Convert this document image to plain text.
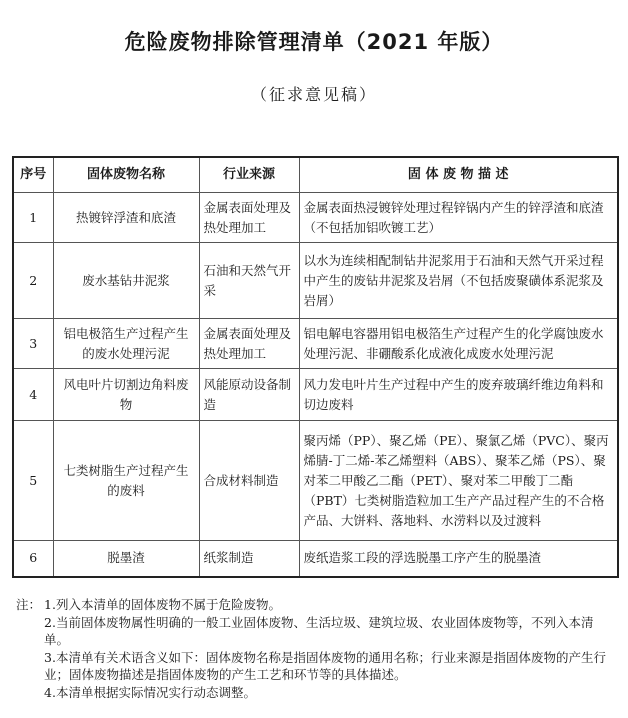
危险废物排除管理清单（2021 年版）
（征求意见稿）
序号	固体废物名称	行业来源	固 体 废 物 描 述
1	热镀锌浮渣和底渣	金属表面处理及热处理加工	金属表面热浸镀锌处理过程锌锅内产生的锌浮渣和底渣（不包括加铝吹镀工艺）
2	废水基钻井泥浆	石油和天然气开采	以水为连续相配制钻井泥浆用于石油和天然气开采过程中产生的废钻井泥浆及岩屑（不包括废聚磺体系泥浆及岩屑）
3	铝电极箔生产过程产生的废水处理污泥	金属表面处理及热处理加工	铝电解电容器用铝电极箔生产过程产生的化学腐蚀废水处理污泥、非硼酸系化成液化成废水处理污泥
4	风电叶片切割边角料废物	风能原动设备制造	风力发电叶片生产过程中产生的废弃玻璃纤维边角料和切边废料
5	七类树脂生产过程产生的废料	合成材料制造	聚丙烯（PP）、聚乙烯（PE）、聚氯乙烯（PVC）、聚丙烯腈-丁二烯-苯乙烯塑料（ABS）、聚苯乙烯（PS）、聚对苯二甲酸乙二酯（PET）、聚对苯二甲酸丁二酯（PBT）七类树脂造粒加工生产产品过程产生的不合格产品、大饼料、落地料、水涝料以及过渡料
6	脱墨渣	纸浆制造	废纸造浆工段的浮选脱墨工序产生的脱墨渣
注： 1.列入本清单的固体废物不属于危险废物。
2.当前固体废物属性明确的一般工业固体废物、生活垃圾、建筑垃圾、农业固体废物等，不列入本清单。
3.本清单有关术语含义如下：固体废物名称是指固体废物的通用名称；行业来源是指固体废物的产生行业；固体废物描述是指固体废物的产生工艺和环节等的具体描述。
4.本清单根据实际情况实行动态调整。
